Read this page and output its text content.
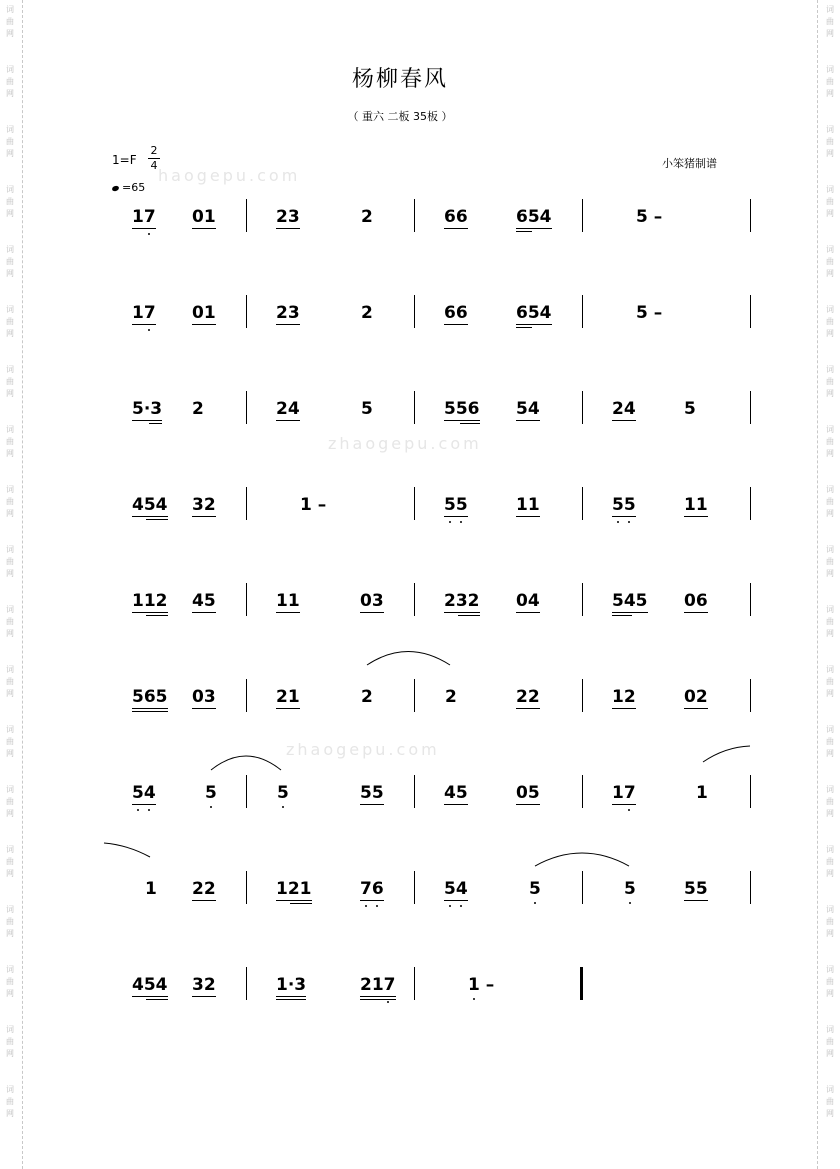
词
曲
网
词
曲
网
词
曲
网
词
曲
网
词
曲
网
词
曲
网
词
曲
网
词
曲
网
词
曲
网
词
曲
网
词
曲
网
词
曲
网
词
曲
网
词
曲
网
词
曲
网
词
曲
网
词
曲
网
词
曲
网
词
曲
网
词
曲
网
词
曲
网
词
曲
网
词
曲
网
词
曲
网
词
曲
网
词
曲
网
词
曲
网
词
曲
网
词
曲
网
词
曲
网
词
曲
网
词
曲
网
词
曲
网
词
曲
网
词
曲
网
词
曲
网
词
曲
网
词
曲
网
杨柳春风
（ 重六 二板 35板 ）
1=F
2
4
=65
小笨猪制谱
haogepu.com
zhaogepu.com
zhaogepu.com
17 01	23	2	66	654	5 –
17 01	23	2	66	654	5 –
5·3 2	24	5	556 54	24	5
454 32	1 –	55	11	55	11
112 45	11	03	232 04	545 06
565 03	21	2	2	22	12	02
54	5	5	55	45	05	17	1
1 22	121	76	54	5	5	55
454 32	1·3	217	1 –
